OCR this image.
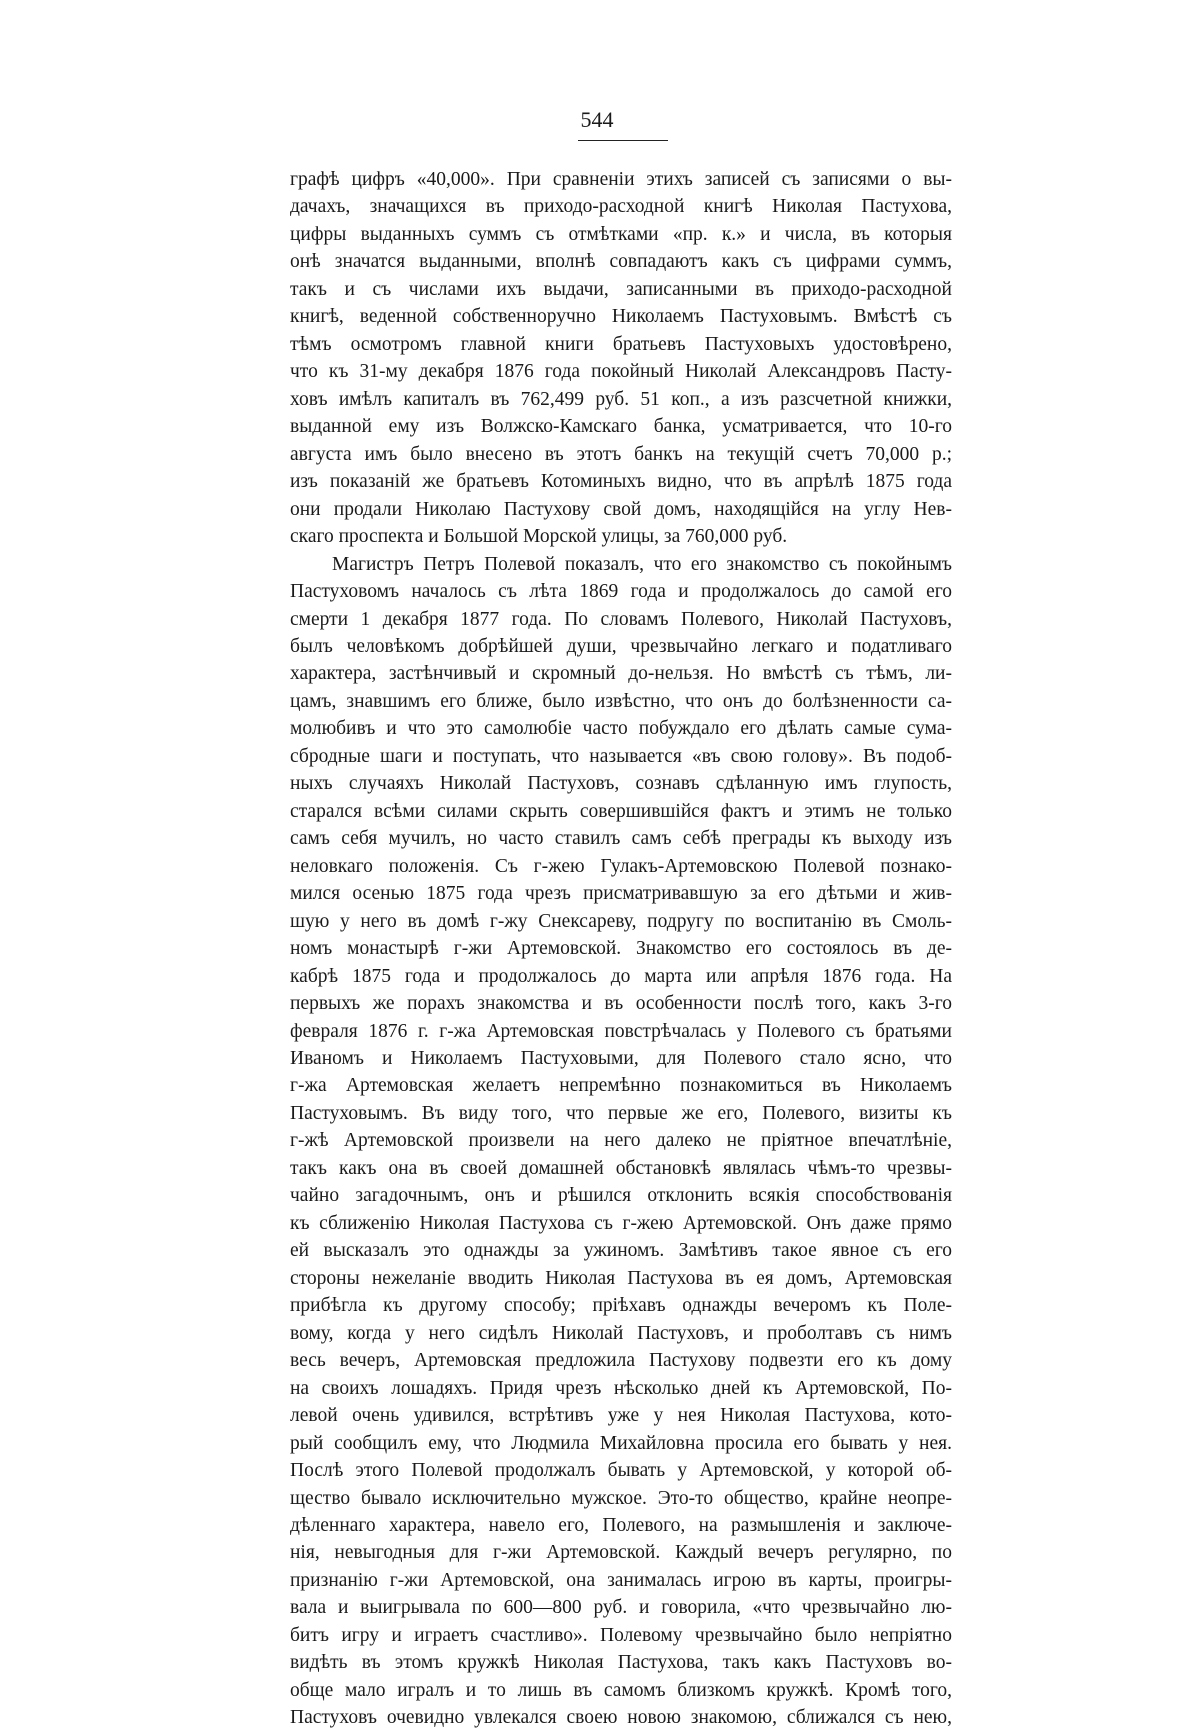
544
графѣ цифръ «40,000». При сравненіи этихъ записей съ записями о вы-
дачахъ, значащихся въ приходо-расходной книгѣ Николая Пастухова,
цифры выданныхъ суммъ съ отмѣтками «пр. к.» и числа, въ которыя
онѣ значатся выданными, вполнѣ совпадаютъ какъ съ цифрами суммъ,
такъ и съ числами ихъ выдачи, записанными въ приходо-расходной
книгѣ, веденной собственноручно Николаемъ Пастуховымъ. Вмѣстѣ съ
тѣмъ осмотромъ главной книги братьевъ Пастуховыхъ удостовѣрено,
что къ 31-му декабря 1876 года покойный Николай Александровъ Пасту-
ховъ имѣлъ капиталъ въ 762,499 руб. 51 коп., а изъ разсчетной книжки,
выданной ему изъ Волжско-Камскаго банка, усматривается, что 10-го
августа имъ было внесено въ этотъ банкъ на текущій счетъ 70,000 р.;
изъ показаній же братьевъ Котоминыхъ видно, что въ апрѣлѣ 1875 года
они продали Николаю Пастухову свой домъ, находящійся на углу Нев-
скаго проспекта и Большой Морской улицы, за 760,000 руб.
Магистръ Петръ Полевой показалъ, что его знакомство съ покойнымъ
Пастуховомъ началось съ лѣта 1869 года и продолжалось до самой его
смерти 1 декабря 1877 года. По словамъ Полевого, Николай Пастуховъ,
былъ человѣкомъ добрѣйшей души, чрезвычайно легкаго и податливаго
характера, застѣнчивый и скромный до-нельзя. Но вмѣстѣ съ тѣмъ, ли-
цамъ, знавшимъ его ближе, было извѣстно, что онъ до болѣзненности са-
молюбивъ и что это самолюбіе часто побуждало его дѣлать самые сума-
сбродные шаги и поступать, что называется «въ свою голову». Въ подоб-
ныхъ случаяхъ Николай Пастуховъ, сознавъ сдѣланную имъ глупость,
старался всѣми силами скрыть совершившійся фактъ и этимъ не только
самъ себя мучилъ, но часто ставилъ самъ себѣ преграды къ выходу изъ
неловкаго положенія. Съ г-жею Гулакъ-Артемовскою Полевой познако-
мился осенью 1875 года чрезъ присматривавшую за его дѣтьми и жив-
шую у него въ домѣ г-жу Снексареву, подругу по воспитанію въ Смоль-
номъ монастырѣ г-жи Артемовской. Знакомство его состоялось въ де-
кабрѣ 1875 года и продолжалось до марта или апрѣля 1876 года. На
первыхъ же порахъ знакомства и въ особенности послѣ того, какъ 3-го
февраля 1876 г. г-жа Артемовская повстрѣчалась у Полевого съ братьями
Иваномъ и Николаемъ Пастуховыми, для Полевого стало ясно, что
г-жа Артемовская желаетъ непремѣнно познакомиться въ Николаемъ
Пастуховымъ. Въ виду того, что первые же его, Полевого, визиты къ
г-жѣ Артемовской произвели на него далеко не пріятное впечатлѣніе,
такъ какъ она въ своей домашней обстановкѣ являлась чѣмъ-то чрезвы-
чайно загадочнымъ, онъ и рѣшился отклонить всякія способствованія
къ сближенію Николая Пастухова съ г-жею Артемовской. Онъ даже прямо
ей высказалъ это однажды за ужиномъ. Замѣтивъ такое явное съ его
стороны нежеланіе вводить Николая Пастухова въ ея домъ, Артемовская
прибѣгла къ другому способу; пріѣхавъ однажды вечеромъ къ Поле-
вому, когда у него сидѣлъ Николай Пастуховъ, и проболтавъ съ нимъ
весь вечеръ, Артемовская предложила Пастухову подвезти его къ дому
на своихъ лошадяхъ. Придя чрезъ нѣсколько дней къ Артемовской, По-
левой очень удивился, встрѣтивъ уже у нея Николая Пастухова, кото-
рый сообщилъ ему, что Людмила Михайловна просила его бывать у нея.
Послѣ этого Полевой продолжалъ бывать у Артемовской, у которой об-
щество бывало исключительно мужское. Это-то общество, крайне неопре-
дѣленнаго характера, навело его, Полевого, на размышленія и заключе-
нія, невыгодныя для г-жи Артемовской. Каждый вечеръ регулярно, по
признанію г-жи Артемовской, она занималась игрою въ карты, проигры-
вала и выигрывала по 600—800 руб. и говорила, «что чрезвычайно лю-
битъ игру и играетъ счастливо». Полевому чрезвычайно было непріятно
видѣть въ этомъ кружкѣ Николая Пастухова, такъ какъ Пастуховъ во-
обще мало игралъ и то лишь въ самомъ близкомъ кружкѣ. Кромѣ того,
Пастуховъ очевидно увлекался своею новою знакомою, сближался съ нею,
